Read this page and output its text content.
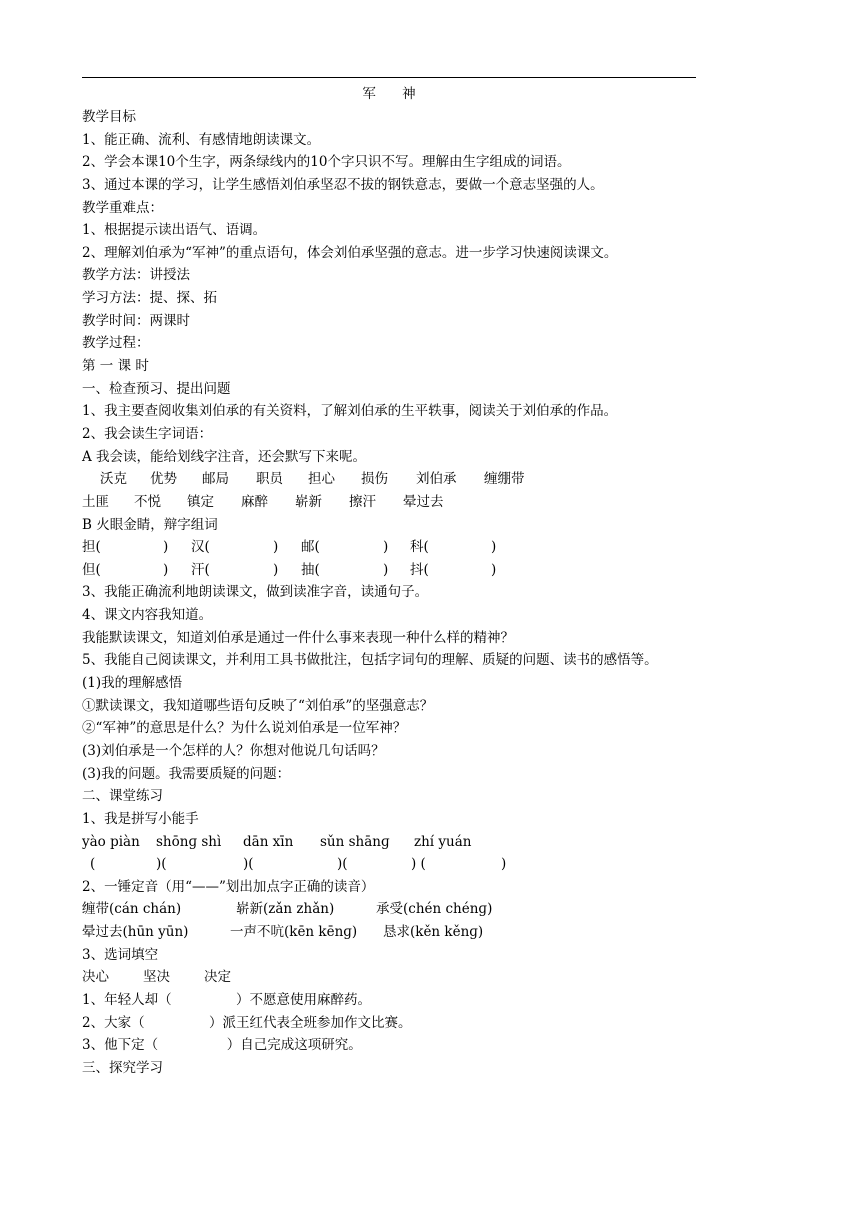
军 神
教学目标
1、能正确、流利、有感情地朗读课文。
2、学会本课10个生字，两条绿线内的10个字只识不写。理解由生字组成的词语。
3、通过本课的学习，让学生感悟刘伯承坚忍不拔的钢铁意志，要做一个意志坚强的人。
教学重难点：
1、根据提示读出语气、语调。
2、理解刘伯承为“军神”的重点语句，体会刘伯承坚强的意志。进一步学习快速阅读课文。
教学方法：讲授法
学习方法：提、探、拓
教学时间：两课时
教学过程：
第 一 课 时
一、检查预习、提出问题
1、我主要查阅收集刘伯承的有关资料，了解刘伯承的生平轶事，阅读关于刘伯承的作品。
2、我会读生字词语：
A 我会读，能给划线字注音，还会默写下来呢。
沃克	优势	邮局	职员	担心	损伤	刘伯承	缠绷带
土匪	不悦	镇定	麻醉	崭新	擦汗	晕过去
B 火眼金睛，辩字组词
担(	)	汉(	)	邮(	)	科(	)
但(	)	汗(	)	抽(	)	抖(	)
3、我能正确流利地朗读课文，做到读准字音，读通句子。
4、课文内容我知道。
我能默读课文，知道刘伯承是通过一件什么事来表现一种什么样的精神？
5、我能自己阅读课文，并利用工具书做批注，包括字词句的理解、质疑的问题、读书的感悟等。
(1)我的理解感悟
①默读课文，我知道哪些语句反映了“刘伯承”的坚强意志？
②“军神”的意思是什么？为什么说刘伯承是一位军神？
(3)刘伯承是一个怎样的人？你想对他说几句话吗？
(3)我的问题。我需要质疑的问题：
二、课堂练习
1、我是拼写小能手
yào piàn	shōnɡ shì	dān xīn	sǔn shānɡ	zhí yuán
(	)(	)(	)(	) (	)
2、一锤定音（用“——”划出加点字正确的读音）
缠带(cán chán)	崭新(zǎn zhǎn)	承受(chén chénɡ)
晕过去(hūn yūn)	一声不吭(kēn kēnɡ)	恳求(kěn kěnɡ)
3、选词填空
决心	坚决	决定
1、年轻人却（               ）不愿意使用麻醉药。
2、大家（               ）派王红代表全班参加作文比赛。
3、他下定（                ）自己完成这项研究。
三、探究学习
